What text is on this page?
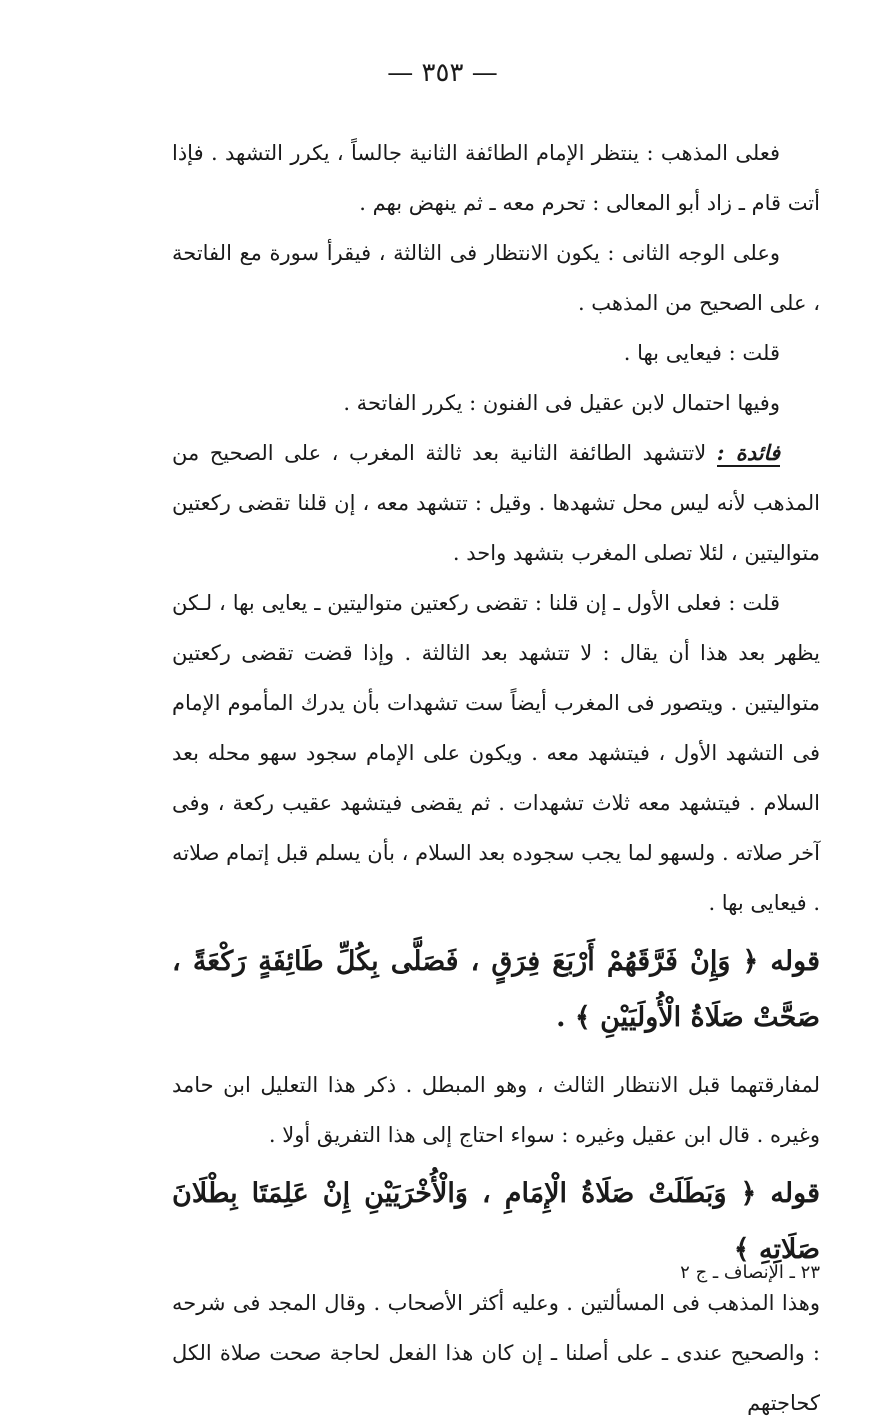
— ٣٥٣ —

فعلى المذهب : ينتظر الإمام الطائفة الثانية جالساً ، يكرر التشهد . فإذا أتت قام ـ زاد أبو المعالى : تحرم معه ـ ثم ينهض بهم .

وعلى الوجه الثانى : يكون الانتظار فى الثالثة ، فيقرأ سورة مع الفاتحة ، على الصحيح من المذهب .

قلت : فيعايى بها .

وفيها احتمال لابن عقيل فى الفنون : يكرر الفاتحة .

فائدة : لاتتشهد الطائفة الثانية بعد ثالثة المغرب ، على الصحيح من المذهب لأنه ليس محل تشهدها . وقيل : تتشهد معه ، إن قلنا تقضى ركعتين متواليتين ، لئلا تصلى المغرب بتشهد واحد .

قلت : فعلى الأول ـ إن قلنا : تقضى ركعتين متواليتين ـ يعايى بها ، لـكن يظهر بعد هذا أن يقال : لا تتشهد بعد الثالثة . وإذا قضت تقضى ركعتين متواليتين . ويتصور فى المغرب أيضاً ست تشهدات بأن يدرك المأموم الإمام فى التشهد الأول ، فيتشهد معه . ويكون على الإمام سجود سهو محله بعد السلام . فيتشهد معه ثلاث تشهدات . ثم يقضى فيتشهد عقيب ركعة ، وفى آخر صلاته . ولسهو لما يجب سجوده بعد السلام ، بأن يسلم قبل إتمام صلاته . فيعايى بها .

قوله ﴿ وَإِنْ فَرَّقَهُمْ أَرْبَعَ فِرَقٍ ، فَصَلَّى بِكُلِّ طَائِفَةٍ رَكْعَةً ، صَحَّتْ صَلَاةُ الْأُولَيَيْنِ ﴾ .

لمفارقتهما قبل الانتظار الثالث ، وهو المبطل . ذكر هذا التعليل ابن حامد وغيره . قال ابن عقيل وغيره : سواء احتاج إلى هذا التفريق أولا .

قوله ﴿ وَبَطَلَتْ صَلَاةُ الْإِمَامِ ، وَالْأُخْرَيَيْنِ إِنْ عَلِمَتَا بِطْلَانَ صَلَاتِهِ ﴾

وهذا المذهب فى المسألتين . وعليه أكثر الأصحاب . وقال المجد فى شرحه : والصحيح عندى ـ على أصلنا ـ إن كان هذا الفعل لحاجة صحت صلاة الكل كحاجتهم

٢٣ ـ الإنصاف ـ ج ٢
